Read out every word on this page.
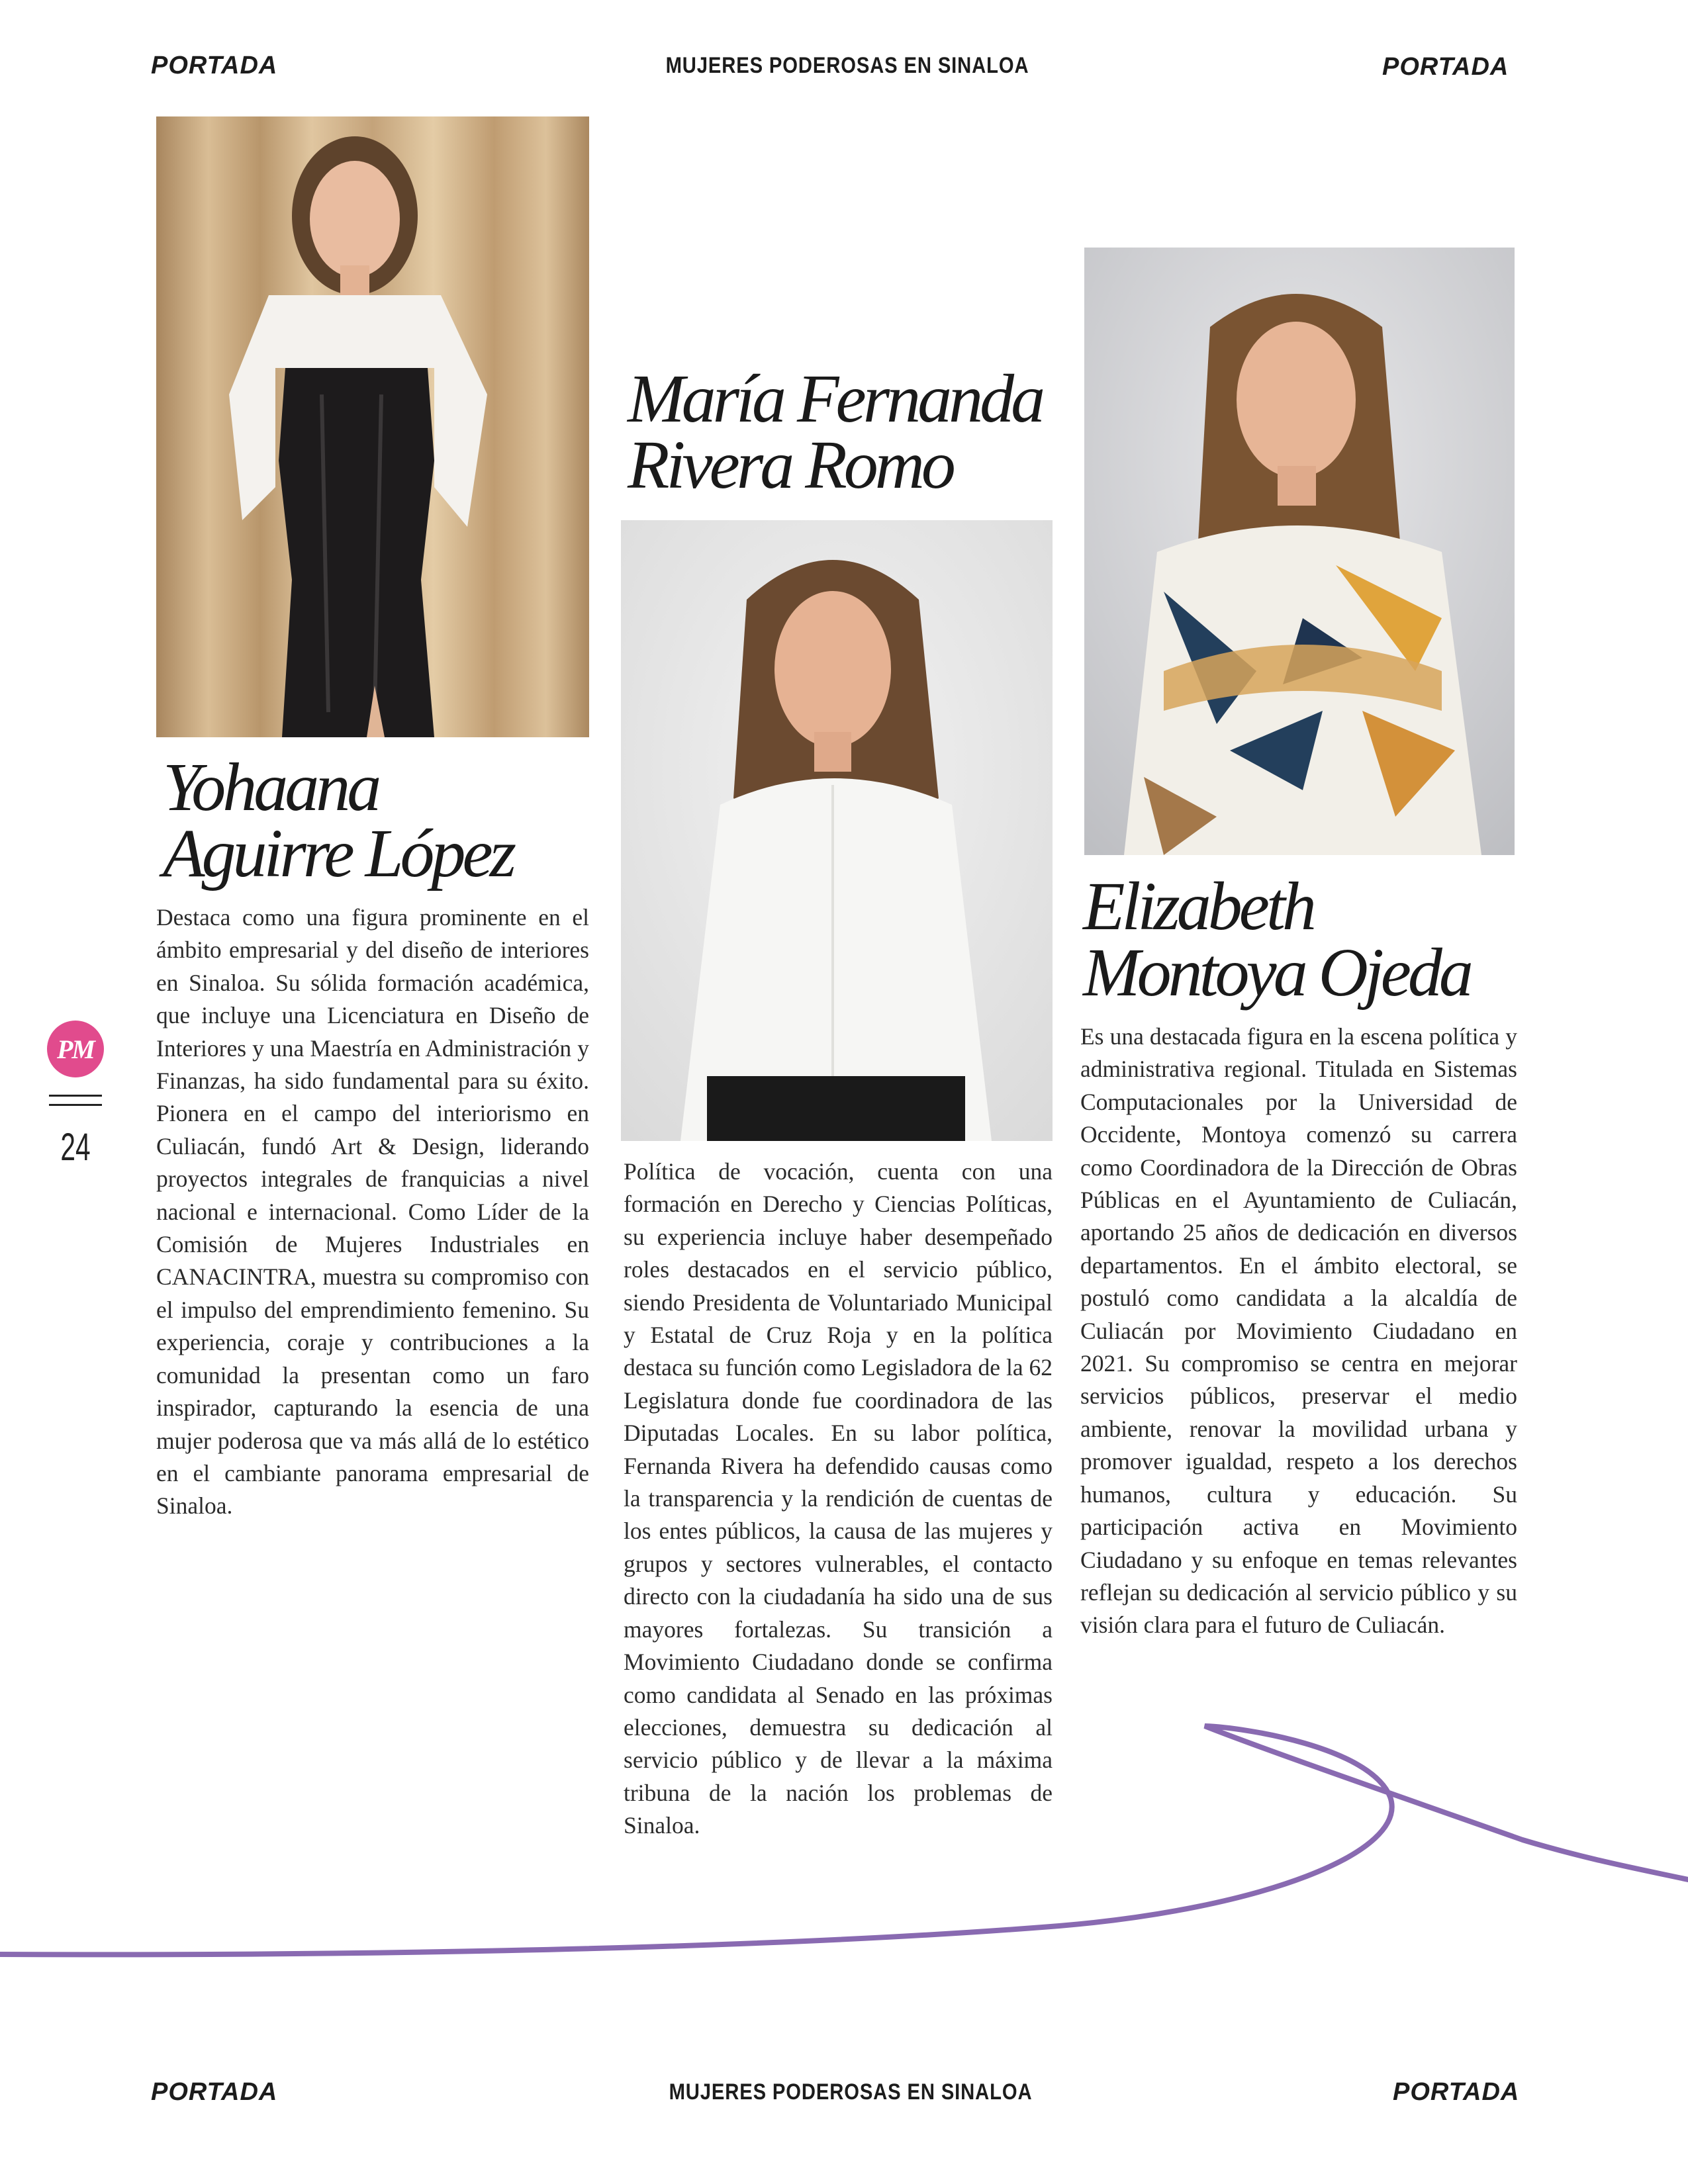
PORTADA	MUJERES PODEROSAS EN SINALOA	PORTADA
Yohaana
Aguirre López
Destaca como una figura prominente en el ámbito empresarial y del diseño de interiores en Sinaloa. Su sólida formación académica, que incluye una Licenciatura en Diseño de Interiores y una Maestría en Administración y Finanzas, ha sido fundamental para su éxito. Pionera en el campo del interiorismo en Culiacán, fundó Art & Design, liderando proyectos integrales de franquicias a nivel nacional e internacional. Como Líder de la Comisión de Mujeres Industriales en CANACINTRA, muestra su compromiso con el impulso del emprendimiento femenino. Su experiencia, coraje y contribuciones a la comunidad la presentan como un faro inspirador, capturando la esencia de una mujer poderosa que va más allá de lo estético en el cambiante panorama empresarial de Sinaloa.
María Fernanda
Rivera Romo
Política de vocación, cuenta con una formación en Derecho y Ciencias Políticas, su experiencia incluye haber desempeñado roles destacados en el servicio público, siendo Presidenta de Voluntariado Municipal y Estatal de Cruz Roja y en la política destaca su función como Legisladora de la 62 Legislatura donde fue coordinadora de las Diputadas Locales. En su labor política, Fernanda Rivera ha defendido causas como la transparencia y la rendición de cuentas de los entes públicos, la causa de las mujeres y grupos y sectores vulnerables, el contacto directo con la ciudadanía ha sido una de sus mayores fortalezas. Su transición a Movimiento Ciudadano donde se confirma como candidata al Senado en las próximas elecciones, demuestra su dedicación al servicio público y de llevar a la máxima tribuna de la nación los problemas de Sinaloa.
Elizabeth
Montoya Ojeda
Es una destacada figura en la escena política y administrativa regional. Titulada en Sistemas Computacionales por la Universidad de Occidente, Montoya comenzó su carrera como Coordinadora de la Dirección de Obras Públicas en el Ayuntamiento de Culiacán, aportando 25 años de dedicación en diversos departamentos. En el ámbito electoral, se postuló como candidata a la alcaldía de Culiacán por Movimiento Ciudadano en 2021. Su compromiso se centra en mejorar servicios públicos, preservar el medio ambiente, renovar la movilidad urbana y promover igualdad, respeto a los derechos humanos, cultura y educación. Su participación activa en Movimiento Ciudadano y su enfoque en temas relevantes reflejan su dedicación al servicio público y su visión clara para el futuro de Culiacán.
PM
24
PORTADA	MUJERES PODEROSAS EN SINALOA	PORTADA
